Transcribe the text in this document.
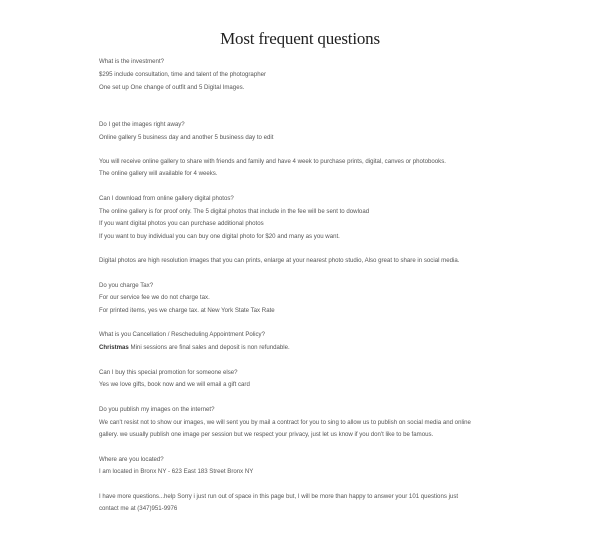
Most frequent questions

What is the investment?

$295 include consultation, time and talent of the photographer

One set up One change of outfit and 5 Digital Images.

Do I get the images right away?

Online gallery 5 business day and another 5 business day to edit

You will receive online gallery to share with friends and family and have 4 week to purchase prints, digital, canves or photobooks.

The online gallery will available for 4 weeks.

Can I download from online gallery digital photos?

The online gallery is for proof only. The 5 digital photos that include in the fee will be sent to dowload

If you want digital photos you can purchase additional photos

If you want to buy individual you can buy one digital photo for $20 and many as you want.

Digital photos are high resolution images that you can prints, enlarge at your nearest photo studio, Also great to share in social media.

Do you charge Tax?

For our service fee we do not charge tax.

For printed items, yes we charge tax. at New York State Tax Rate

What is you Cancellation / Rescheduling Appointment Policy?

Christmas Mini sessions are final sales and deposit is non refundable.

Can I buy this special promotion for someone else?

Yes we love gifts, book now and we will email a gift card

Do you publish my images on the internet?

We can't resist not to show our images, we will sent you by mail a contract for you to sing to allow us to publish on social media and online

gallery. we usually publish one image per session but we respect your privacy, just let us know if you don't like to be famous.

Where are you located?

I am located in Bronx NY - 623 East 183 Street Bronx NY

I have more questions...help Sorry i just run out of space in this page but, I will be more than happy to answer your 101 questions just

contact me at (347)951-9976
